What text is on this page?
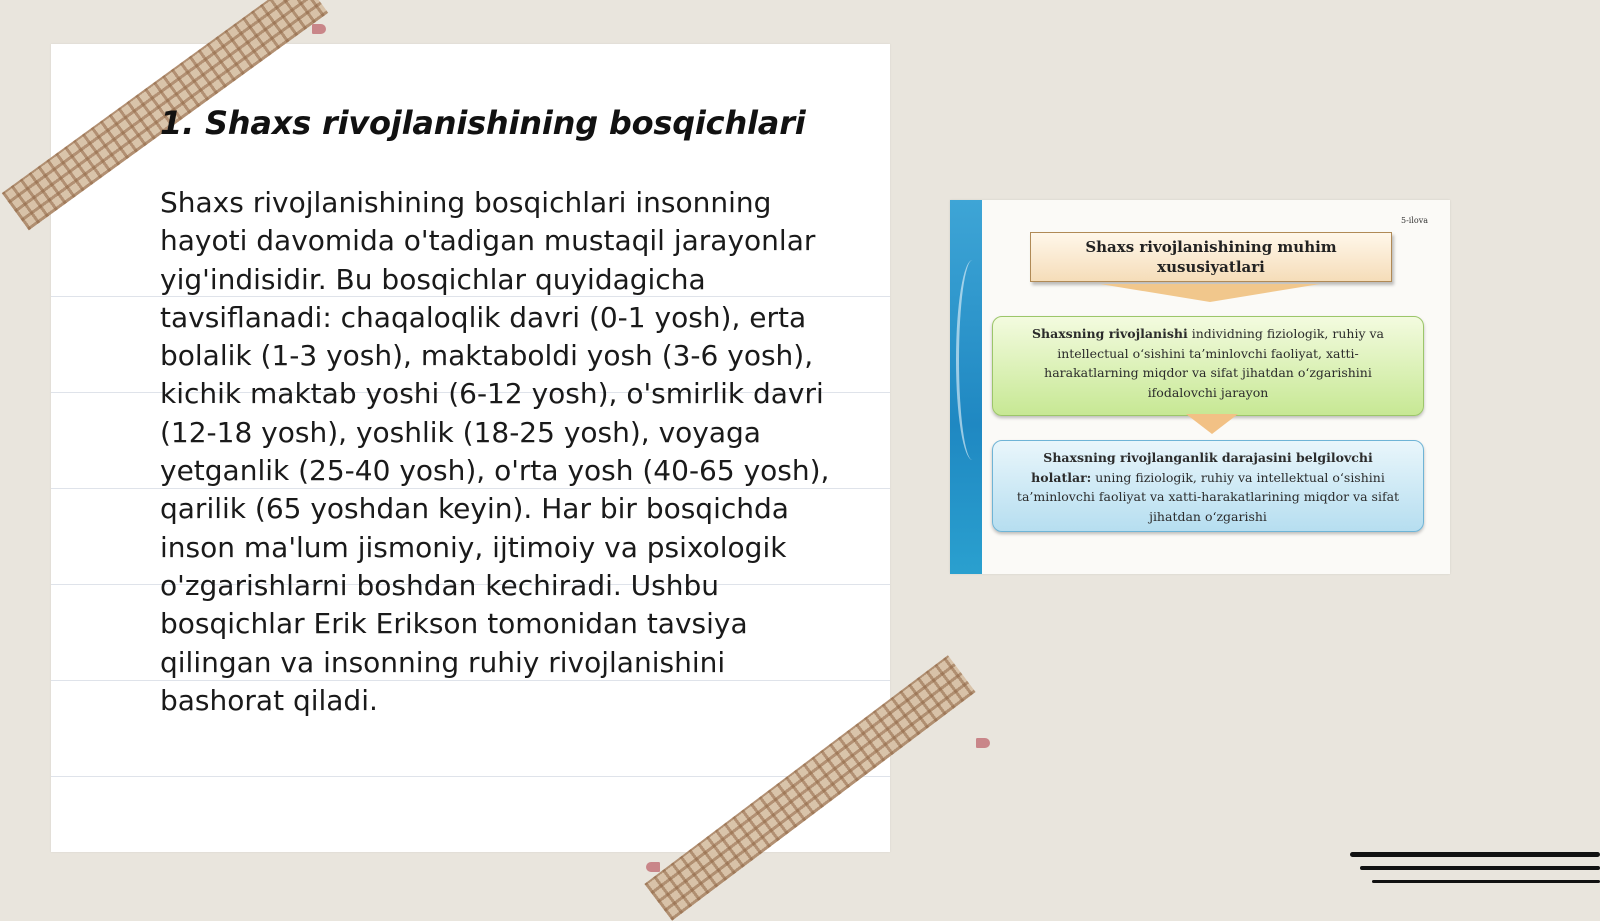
1. Shaxs rivojlanishining bosqichlari

Shaxs rivojlanishining bosqichlari insonning hayoti davomida o'tadigan mustaqil jarayonlar yig'indisidir. Bu bosqichlar quyidagicha tavsiflanadi: chaqaloqlik davri (0-1 yosh), erta bolalik (1-3 yosh), maktaboldi yosh (3-6 yosh), kichik maktab yoshi (6-12 yosh), o'smirlik davri (12-18 yosh), yoshlik (18-25 yosh), voyaga yetganlik (25-40 yosh), o'rta yosh (40-65 yosh), qarilik (65 yoshdan keyin). Har bir bosqichda inson ma'lum jismoniy, ijtimoiy va psixologik o'zgarishlarni boshdan kechiradi. Ushbu bosqichlar Erik Erikson tomonidan tavsiya qilingan va insonning ruhiy rivojlanishini bashorat qiladi.

5-ilova
Shaxs rivojlanishining muhim xususiyatlari
Shaxsning rivojlanishi individning fiziologik, ruhiy va intellectual o‘sishini ta’minlovchi faoliyat, xatti-harakatlarning miqdor va sifat jihatdan o‘zgarishini ifodalovchi jarayon
Shaxsning rivojlanganlik darajasini belgilovchi holatlar: uning fiziologik, ruhiy va intellektual o‘sishini ta’minlovchi faoliyat va xatti-harakatlarining miqdor va sifat jihatdan o‘zgarishi
